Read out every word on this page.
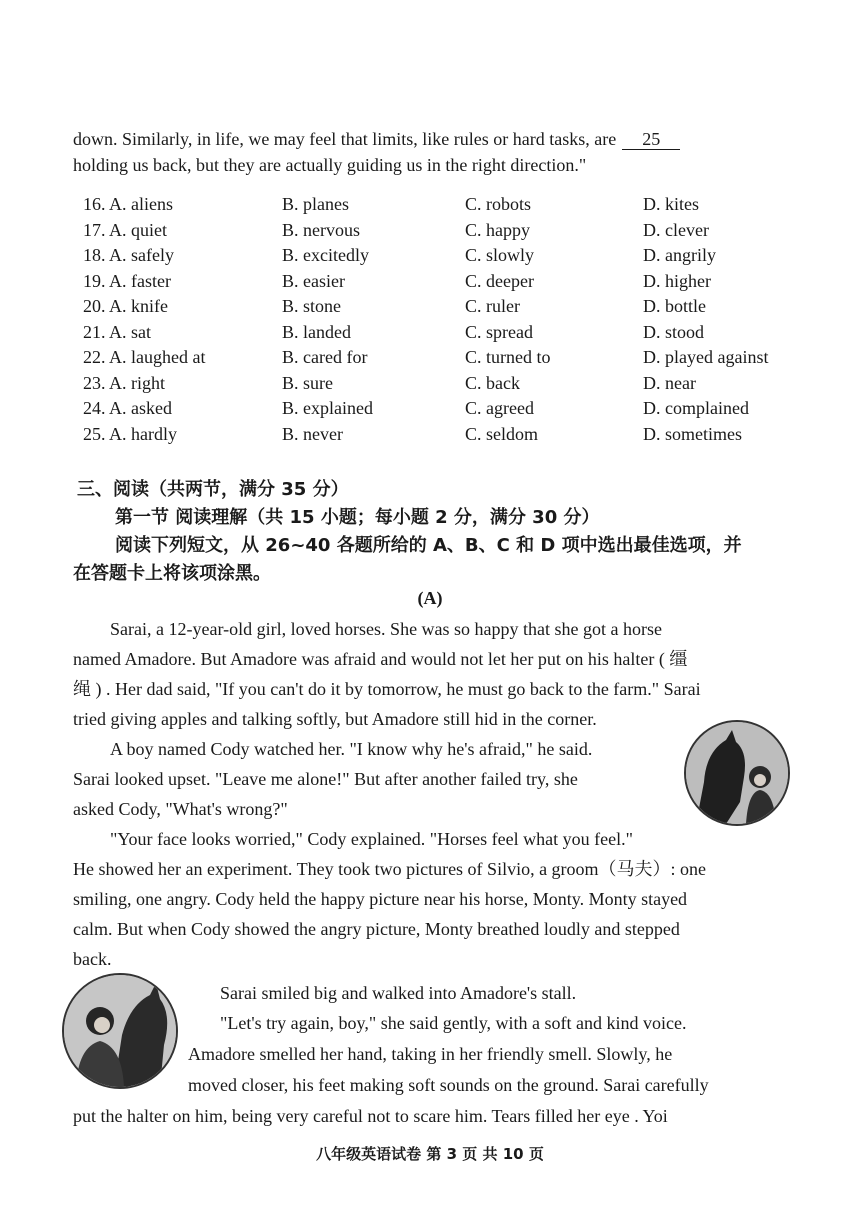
down. Similarly, in life, we may feel that limits, like rules or hard tasks, are 25
holding us back, but they are actually guiding us in the right direction."
16. A. aliens	B. planes	C. robots	D. kites
17. A. quiet	B. nervous	C. happy	D. clever
18. A. safely	B. excitedly	C. slowly	D. angrily
19. A. faster	B. easier	C. deeper	D. higher
20. A. knife	B. stone	C. ruler	D. bottle
21. A. sat	B. landed	C. spread	D. stood
22. A. laughed at	B. cared for	C. turned to	D. played against
23. A. right	B. sure	C. back	D. near
24. A. asked	B. explained	C. agreed	D. complained
25. A. hardly	B. never	C. seldom	D. sometimes
三、阅读（共两节，满分 35 分）
第一节 阅读理解（共 15 小题；每小题 2 分，满分 30 分）
阅读下列短文，从 26~40 各题所给的 A、B、C 和 D 项中选出最佳选项，并
在答题卡上将该项涂黑。
(A)
Sarai, a 12-year-old girl, loved horses. She was so happy that she got a horse
named Amadore. But Amadore was afraid and would not let her put on his halter ( 缰
绳 ) . Her dad said, "If you can't do it by tomorrow, he must go back to the farm." Sarai
tried giving apples and talking softly, but Amadore still hid in the corner.
A boy named Cody watched her. "I know why he's afraid," he said.
Sarai looked upset. "Leave me alone!" But after another failed try, she
asked Cody, "What's wrong?"
"Your face looks worried," Cody explained. "Horses feel what you feel."
He showed her an experiment. They took two pictures of Silvio, a groom（马夫）: one
smiling, one angry. Cody held the happy picture near his horse, Monty. Monty stayed
calm. But when Cody showed the angry picture, Monty breathed loudly and stepped
back.
Sarai smiled big and walked into Amadore's stall.
"Let's try again, boy," she said gently, with a soft and kind voice.
Amadore smelled her hand, taking in her friendly smell. Slowly, he
moved closer, his feet making soft sounds on the ground. Sarai carefully
put the halter on him, being very careful not to scare him. Tears filled her eye . Yoi
八年级英语试卷 第 3 页 共 10 页
